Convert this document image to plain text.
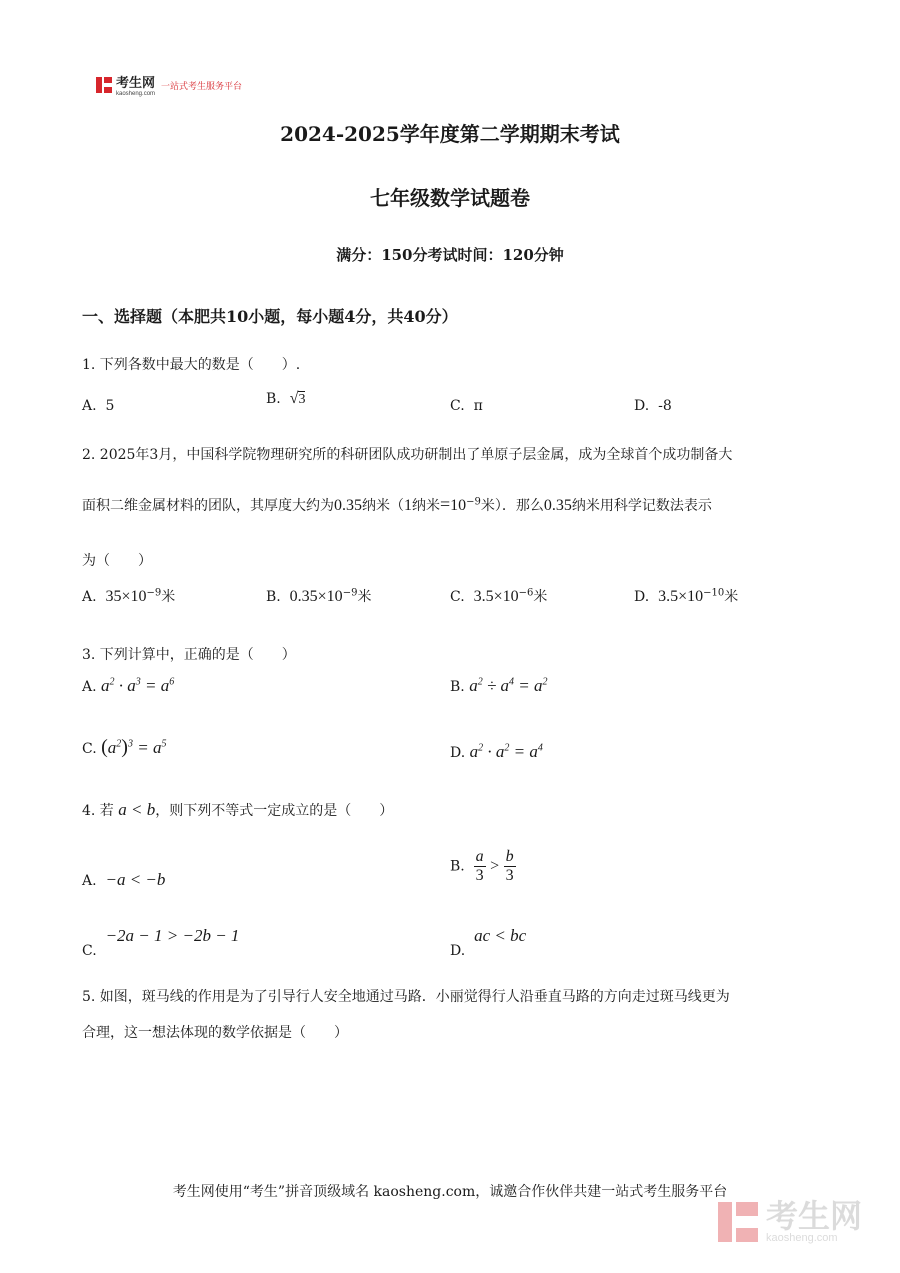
考生网
kaosheng.com
一站式考生服务平台
2024-2025学年度第二学期期末考试
七年级数学试题卷
满分：150分考试时间：120分钟
一、选择题（本肥共10小题，每小题4分，共40分）
1. 下列各数中最大的数是（　　）.
A. 5	B. √3	C. π	D. -8
2. 2025年3月，中国科学院物理研究所的科研团队成功研制出了单原子层金属，成为全球首个成功制备大
面积二维金属材料的团队，其厚度大约为0.35纳米（1纳米$=10^{-9}$米）．那么0.35纳米用科学记数法表示
为（　　）
A. $35\times 10^{-9}$米	B. $0.35\times 10^{-9}$米	C. $3.5\times 10^{-6}$米	D. $3.5\times 10^{-10}$米
3. 下列计算中，正确的是（　　）
A. $a^2 \cdot a^3 = a^6$	B. $a^2 \div a^4 = a^2$
C. $(a^2)^3 = a^5$
D. $a^2 \cdot a^2 = a^4$
4. 若 a < b，则下列不等式一定成立的是（　　）
A. −a < −b
B. $\frac{a}{3} > \frac{b}{3}$
C.  −2a − 1 > −2b − 1
D.  ac < bc
5. 如图，斑马线的作用是为了引导行人安全地通过马路．小丽觉得行人沿垂直马路的方向走过斑马线更为
合理，这一想法体现的数学依据是（　　）
考生网使用“考生”拼音顶级域名 kaosheng.com，诚邀合作伙伴共建一站式考生服务平台
考生网
kaosheng.com
